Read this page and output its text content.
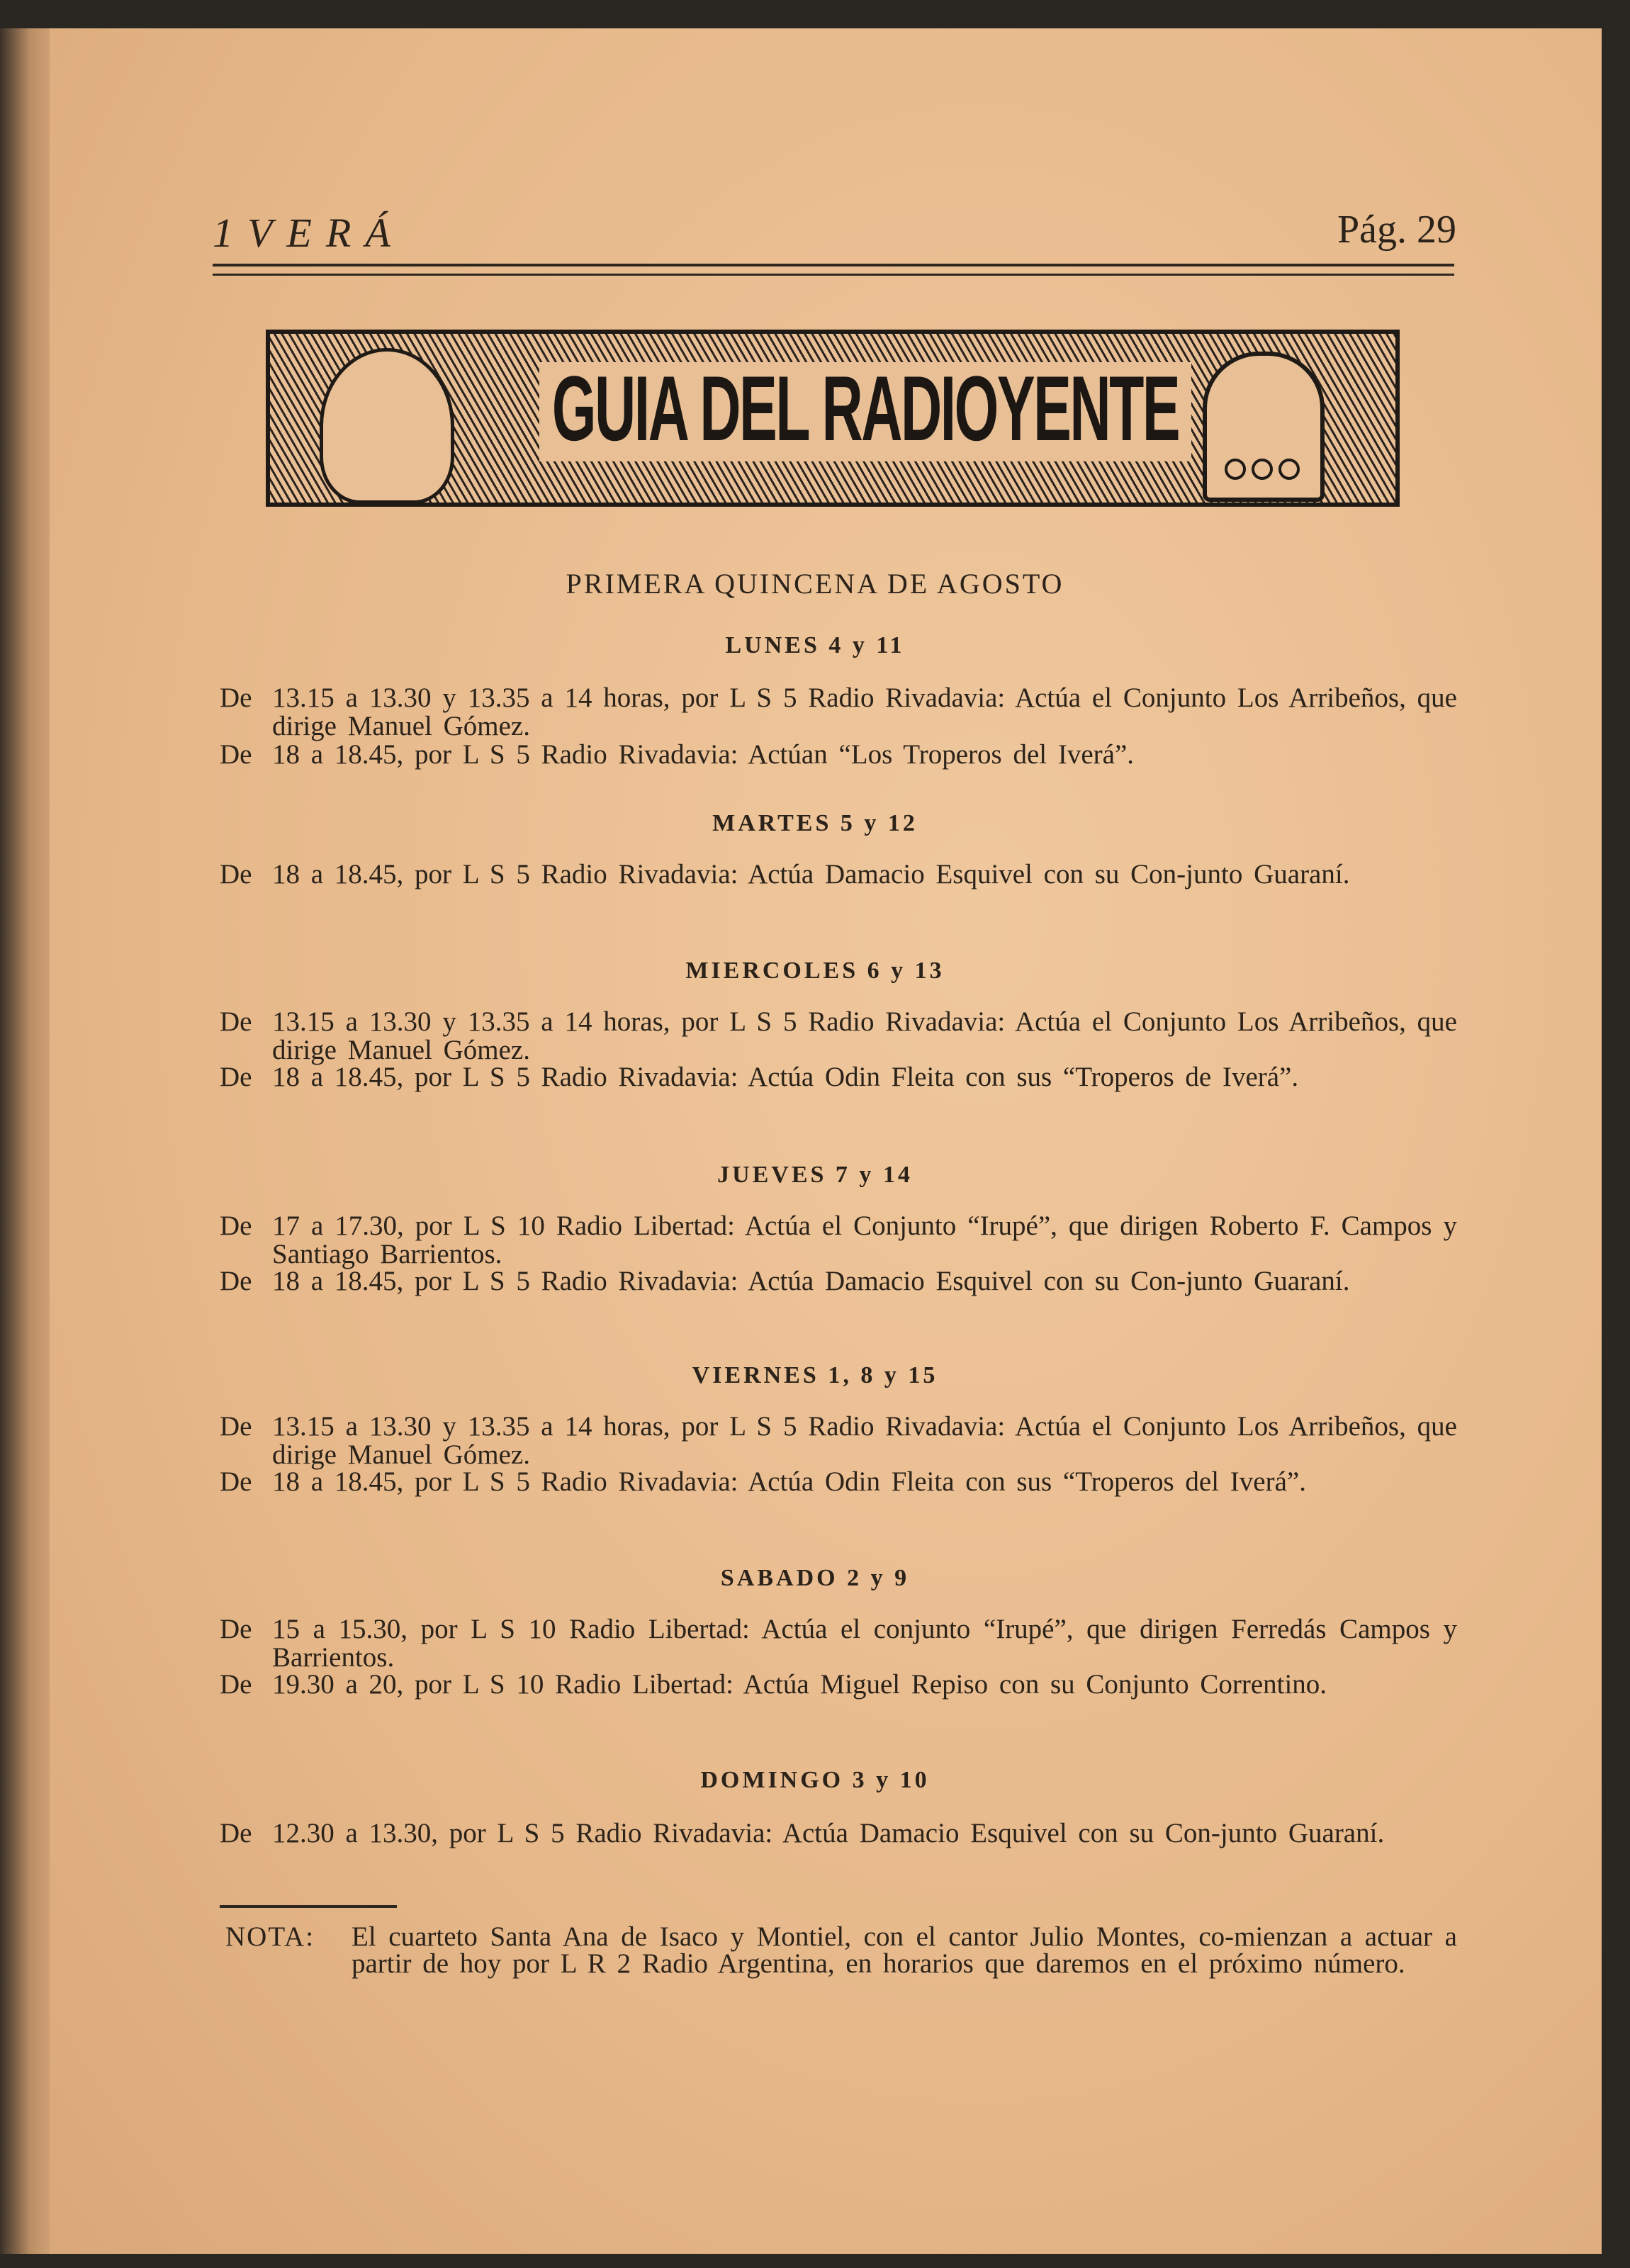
1VERÁ	Pág. 29
GUIA DEL RADIOYENTE
PRIMERA QUINCENA DE AGOSTO
LUNES 4 y 11
De 13.15 a 13.30 y 13.35 a 14 horas, por L S 5 Radio Rivadavia: Actúa el Conjunto Los Arribeños, que dirige Manuel Gómez.
De 18 a 18.45, por L S 5 Radio Rivadavia: Actúan “Los Troperos del Iverá”.
MARTES 5 y 12
De 18 a 18.45, por L S 5 Radio Rivadavia: Actúa Damacio Esquivel con su Con-junto Guaraní.
MIERCOLES 6 y 13
De 13.15 a 13.30 y 13.35 a 14 horas, por L S 5 Radio Rivadavia: Actúa el Conjunto Los Arribeños, que dirige Manuel Gómez.
De 18 a 18.45, por L S 5 Radio Rivadavia: Actúa Odin Fleita con sus “Troperos de Iverá”.
JUEVES 7 y 14
De 17 a 17.30, por L S 10 Radio Libertad: Actúa el Conjunto “Irupé”, que dirigen Roberto F. Campos y Santiago Barrientos.
De 18 a 18.45, por L S 5 Radio Rivadavia: Actúa Damacio Esquivel con su Con-junto Guaraní.
VIERNES 1, 8 y 15
De 13.15 a 13.30 y 13.35 a 14 horas, por L S 5 Radio Rivadavia: Actúa el Conjunto Los Arribeños, que dirige Manuel Gómez.
De 18 a 18.45, por L S 5 Radio Rivadavia: Actúa Odin Fleita con sus “Troperos del Iverá”.
SABADO 2 y 9
De 15 a 15.30, por L S 10 Radio Libertad: Actúa el conjunto “Irupé”, que dirigen Ferredás Campos y Barrientos.
De 19.30 a 20, por L S 10 Radio Libertad: Actúa Miguel Repiso con su Conjunto Correntino.
DOMINGO 3 y 10
De 12.30 a 13.30, por L S 5 Radio Rivadavia: Actúa Damacio Esquivel con su Con-junto Guaraní.
NOTA:	El cuarteto Santa Ana de Isaco y Montiel, con el cantor Julio Montes, co-mienzan a actuar a partir de hoy por L R 2 Radio Argentina, en horarios que daremos en el próximo número.
